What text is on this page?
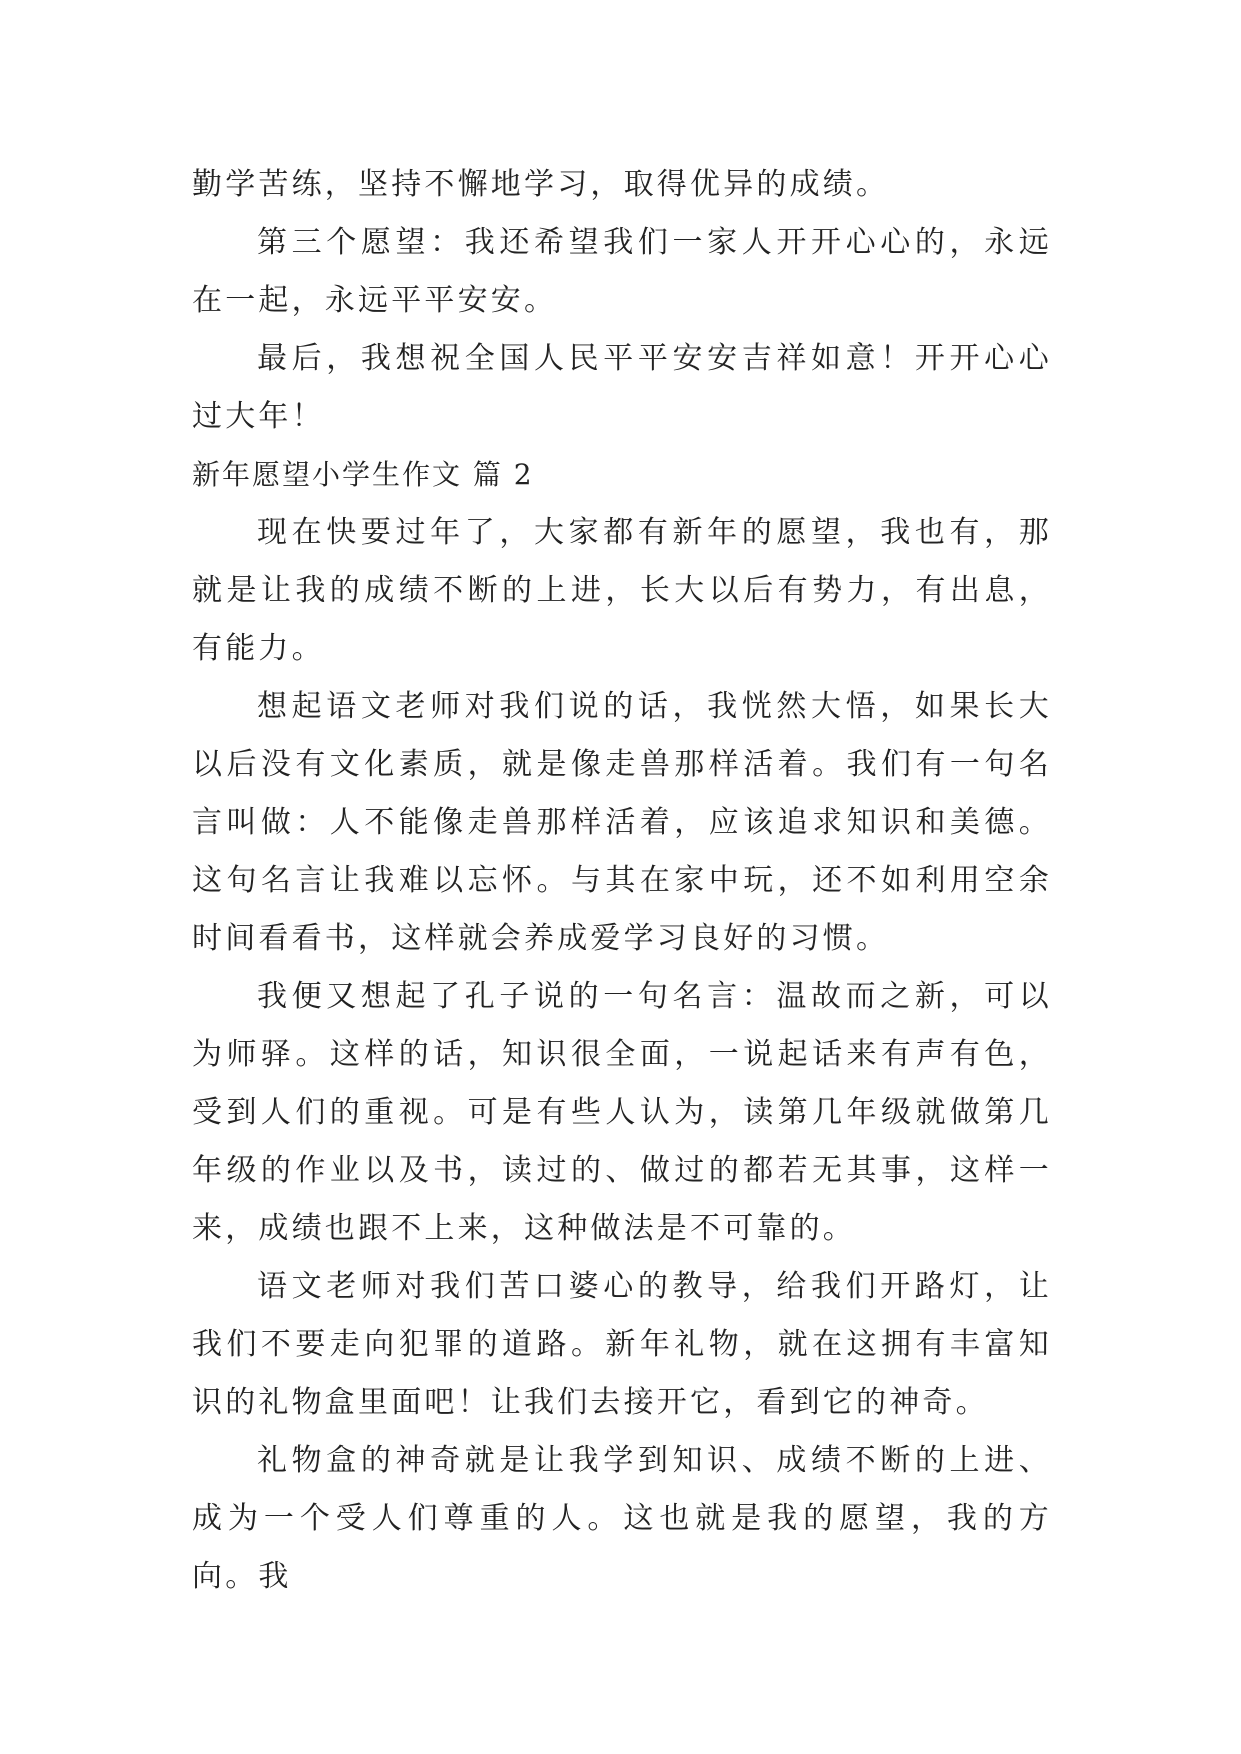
勤学苦练，坚持不懈地学习，取得优异的成绩。

第三个愿望：我还希望我们一家人开开心心的，永远在一起，永远平平安安。

最后，我想祝全国人民平平安安吉祥如意！开开心心过大年！

新年愿望小学生作文 篇 2

现在快要过年了，大家都有新年的愿望，我也有，那就是让我的成绩不断的上进，长大以后有势力，有出息，有能力。

想起语文老师对我们说的话，我恍然大悟，如果长大以后没有文化素质，就是像走兽那样活着。我们有一句名言叫做：人不能像走兽那样活着，应该追求知识和美德。这句名言让我难以忘怀。与其在家中玩，还不如利用空余时间看看书，这样就会养成爱学习良好的习惯。

我便又想起了孔子说的一句名言：温故而之新，可以为师驿。这样的话，知识很全面，一说起话来有声有色，受到人们的重视。可是有些人认为，读第几年级就做第几年级的作业以及书，读过的、做过的都若无其事，这样一来，成绩也跟不上来，这种做法是不可靠的。

语文老师对我们苦口婆心的教导，给我们开路灯，让我们不要走向犯罪的道路。新年礼物，就在这拥有丰富知识的礼物盒里面吧！让我们去接开它，看到它的神奇。

礼物盒的神奇就是让我学到知识、成绩不断的上进、成为一个受人们尊重的人。这也就是我的愿望，我的方向。我
